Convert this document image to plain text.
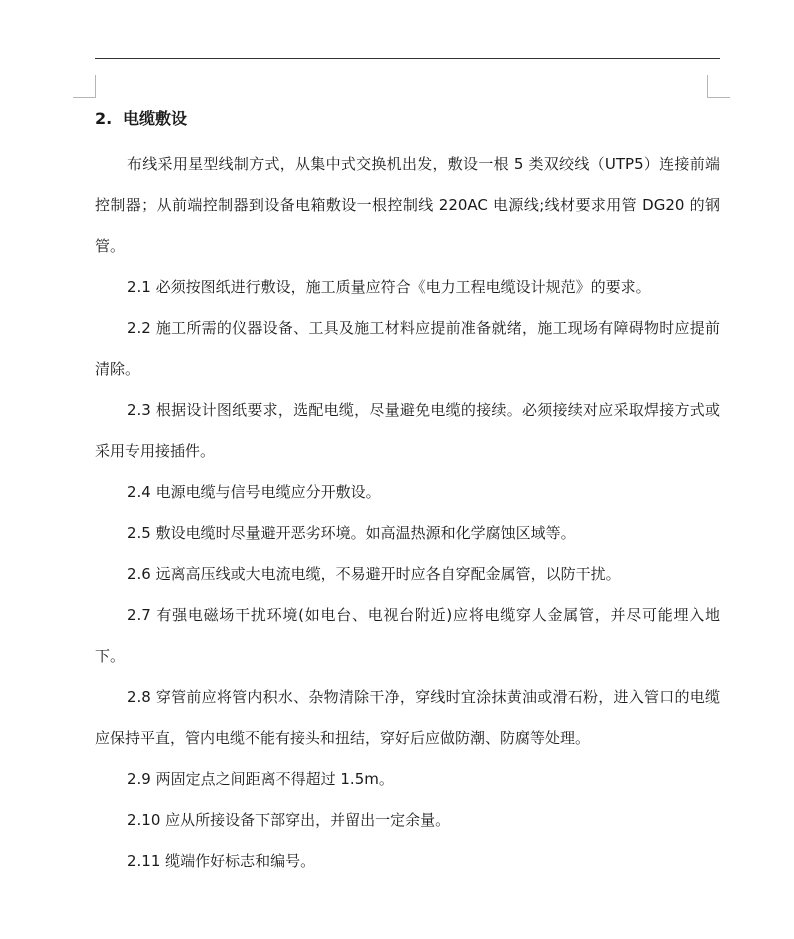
2. 电缆敷设

布线采用星型线制方式，从集中式交换机出发，敷设一根 5 类双绞线（UTP5）连接前端控制器；从前端控制器到设备电箱敷设一根控制线 220AC 电源线;线材要求用管 DG20 的钢管。

2.1 必须按图纸进行敷设，施工质量应符合《电力工程电缆设计规范》的要求。

2.2 施工所需的仪器设备、工具及施工材料应提前准备就绪，施工现场有障碍物时应提前清除。

2.3 根据设计图纸要求，选配电缆，尽量避免电缆的接续。必须接续对应采取焊接方式或采用专用接插件。

2.4 电源电缆与信号电缆应分开敷设。

2.5 敷设电缆时尽量避开恶劣环境。如高温热源和化学腐蚀区域等。

2.6 远离高压线或大电流电缆，不易避开时应各自穿配金属管，以防干扰。

2.7 有强电磁场干扰环境(如电台、电视台附近)应将电缆穿人金属管，并尽可能埋入地下。

2.8 穿管前应将管内积水、杂物清除干净，穿线时宜涂抹黄油或滑石粉，进入管口的电缆应保持平直，管内电缆不能有接头和扭结，穿好后应做防潮、防腐等处理。

2.9 两固定点之间距离不得超过 1.5m。

2.10 应从所接设备下部穿出，并留出一定余量。

2.11 缆端作好标志和编号。
